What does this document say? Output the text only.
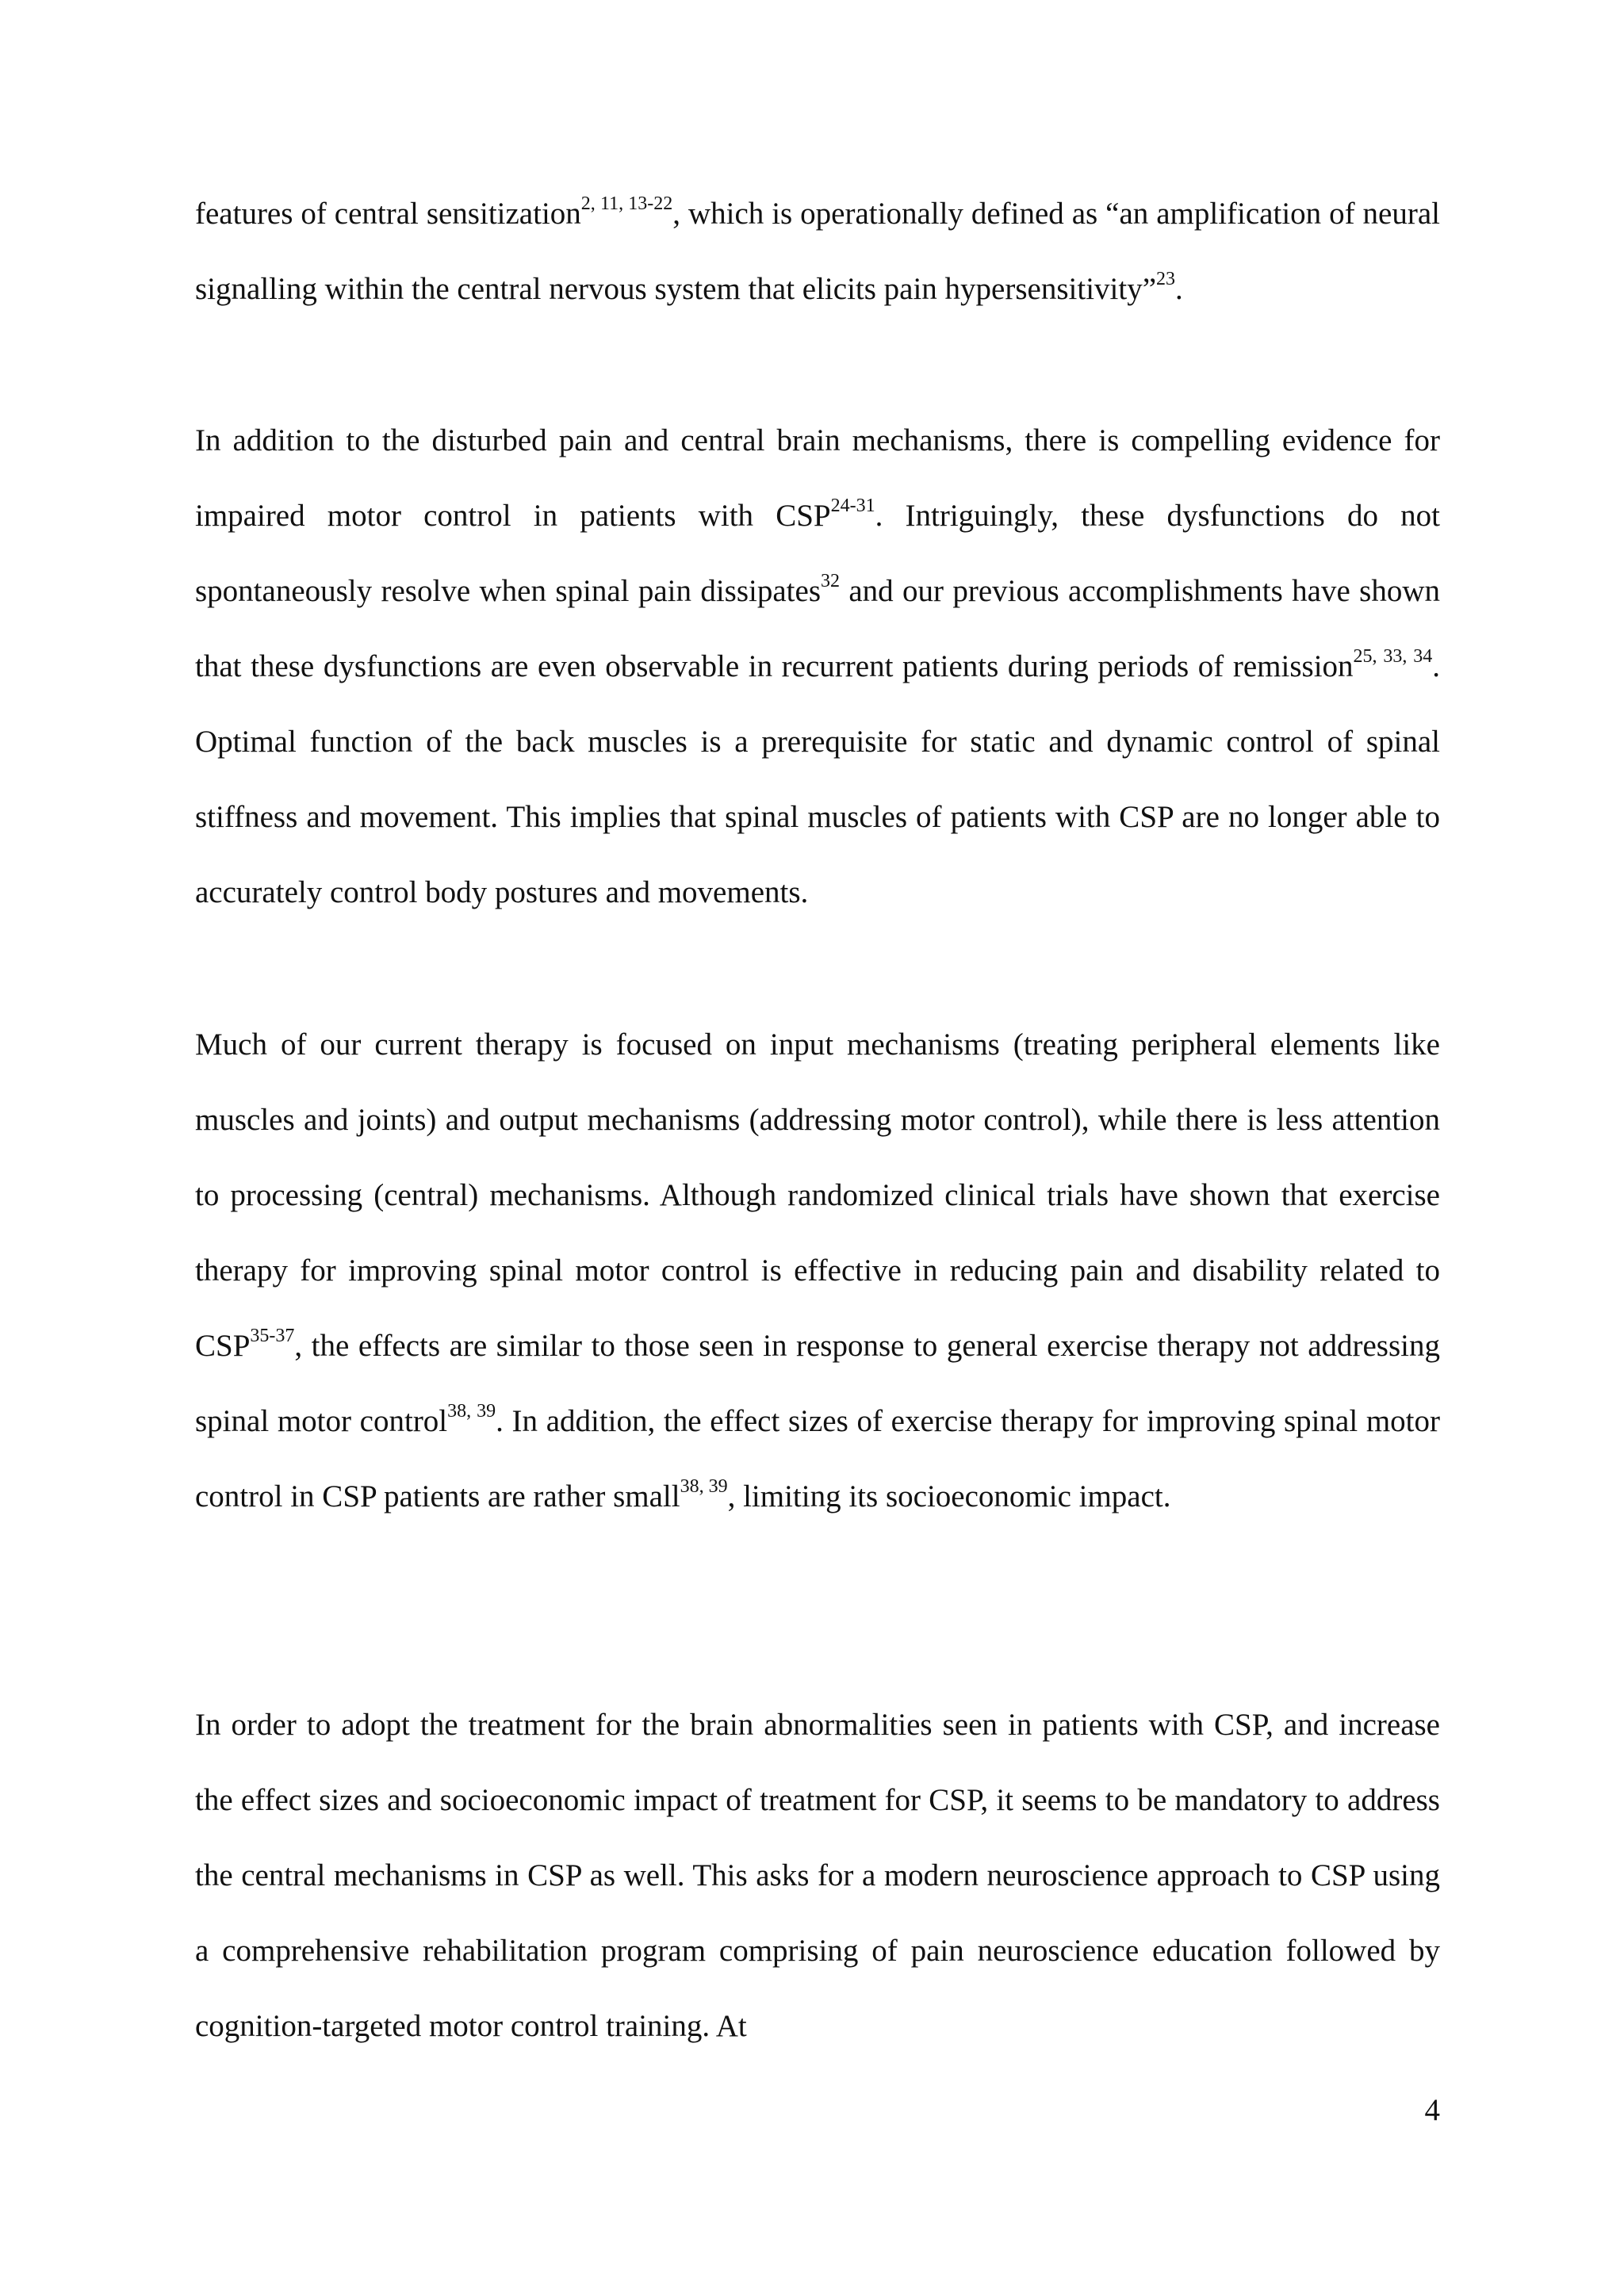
features of central sensitization$^{2, 11, 13-22}$, which is operationally defined as “an amplification of neural signalling within the central nervous system that elicits pain hypersensitivity”$^{23}$.

In addition to the disturbed pain and central brain mechanisms, there is compelling evidence for impaired motor control in patients with CSP$^{24-31}$. Intriguingly, these dysfunctions do not spontaneously resolve when spinal pain dissipates$^{32}$ and our previous accomplishments have shown that these dysfunctions are even observable in recurrent patients during periods of remission$^{25, 33, 34}$. Optimal function of the back muscles is a prerequisite for static and dynamic control of spinal stiffness and movement. This implies that spinal muscles of patients with CSP are no longer able to accurately control body postures and movements.

Much of our current therapy is focused on input mechanisms (treating peripheral elements like muscles and joints) and output mechanisms (addressing motor control), while there is less attention to processing (central) mechanisms. Although randomized clinical trials have shown that exercise therapy for improving spinal motor control is effective in reducing pain and disability related to CSP$^{35-37}$, the effects are similar to those seen in response to general exercise therapy not addressing spinal motor control$^{38, 39}$. In addition, the effect sizes of exercise therapy for improving spinal motor control in CSP patients are rather small$^{38, 39}$, limiting its socioeconomic impact.

In order to adopt the treatment for the brain abnormalities seen in patients with CSP, and increase the effect sizes and socioeconomic impact of treatment for CSP, it seems to be mandatory to address the central mechanisms in CSP as well. This asks for a modern neuroscience approach to CSP using a comprehensive rehabilitation program comprising of pain neuroscience education followed by cognition-targeted motor control training. At

4
